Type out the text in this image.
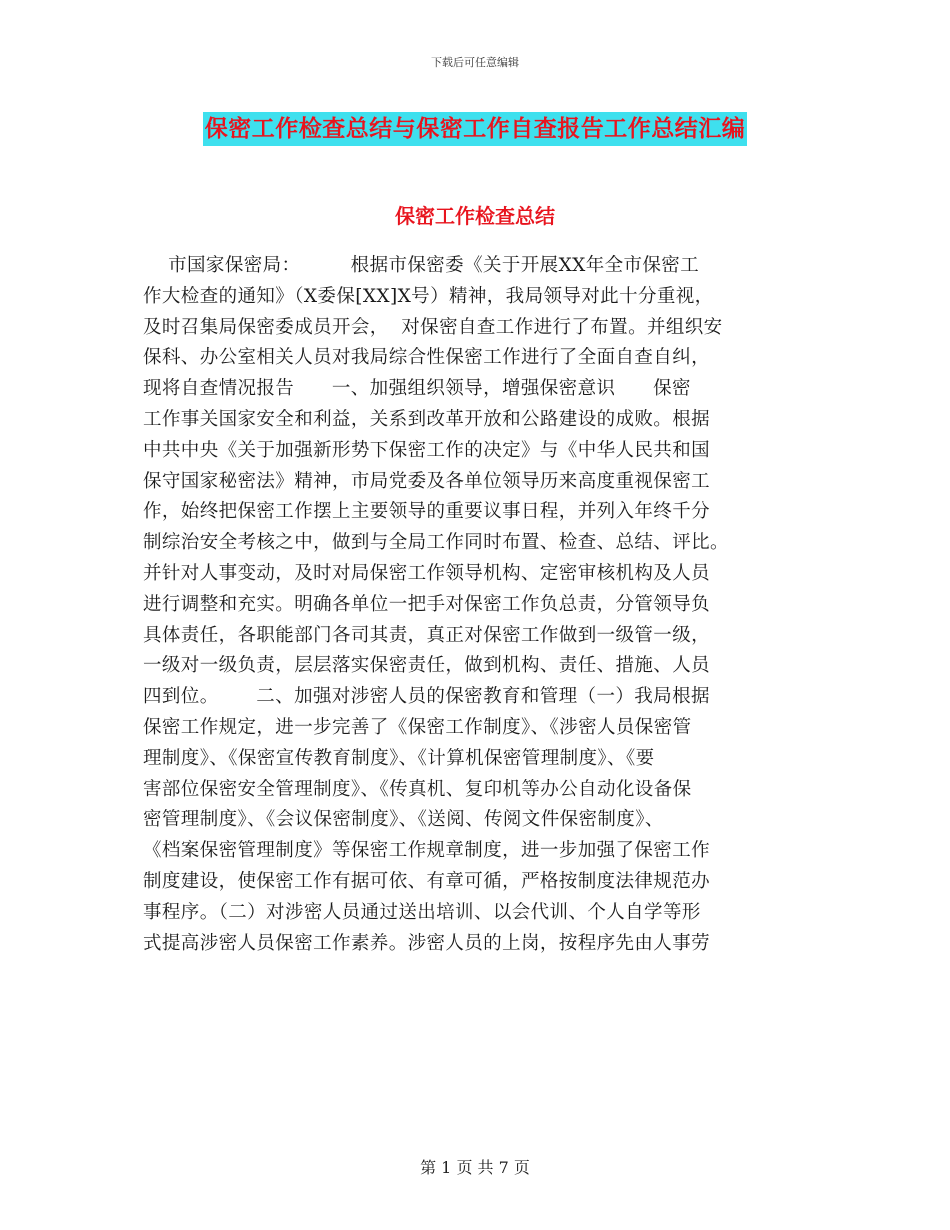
下载后可任意编辑
保密工作检查总结与保密工作自查报告工作总结汇编
保密工作检查总结
市国家保密局：        根据市保密委《关于开展XX年全市保密工
作大检查的通知》（X委保[XX]X号）精神，我局领导对此十分重视，
及时召集局保密委成员开会，  对保密自查工作进行了布置。并组织安
保科、办公室相关人员对我局综合性保密工作进行了全面自查自纠，
现将自查情况报告      一、加强组织领导，增强保密意识      保密
工作事关国家安全和利益，关系到改革开放和公路建设的成败。根据
中共中央《关于加强新形势下保密工作的决定》与《中华人民共和国
保守国家秘密法》精神，市局党委及各单位领导历来高度重视保密工
作，始终把保密工作摆上主要领导的重要议事日程，并列入年终千分
制综治安全考核之中，做到与全局工作同时布置、检查、总结、评比。
并针对人事变动，及时对局保密工作领导机构、定密审核机构及人员
进行调整和充实。明确各单位一把手对保密工作负总责，分管领导负
具体责任，各职能部门各司其责，真正对保密工作做到一级管一级，
一级对一级负责，层层落实保密责任，做到机构、责任、措施、人员
四到位。      二、加强对涉密人员的保密教育和管理（一）我局根据
保密工作规定，进一步完善了《保密工作制度》、《涉密人员保密管
理制度》、《保密宣传教育制度》、《计算机保密管理制度》、《要
害部位保密安全管理制度》、《传真机、复印机等办公自动化设备保
密管理制度》、《会议保密制度》、《送阅、传阅文件保密制度》、
《档案保密管理制度》等保密工作规章制度，进一步加强了保密工作
制度建设，使保密工作有据可依、有章可循，严格按制度法律规范办
事程序。（二）对涉密人员通过送出培训、以会代训、个人自学等形
式提高涉密人员保密工作素养。涉密人员的上岗，按程序先由人事劳
第 1 页 共 7 页
